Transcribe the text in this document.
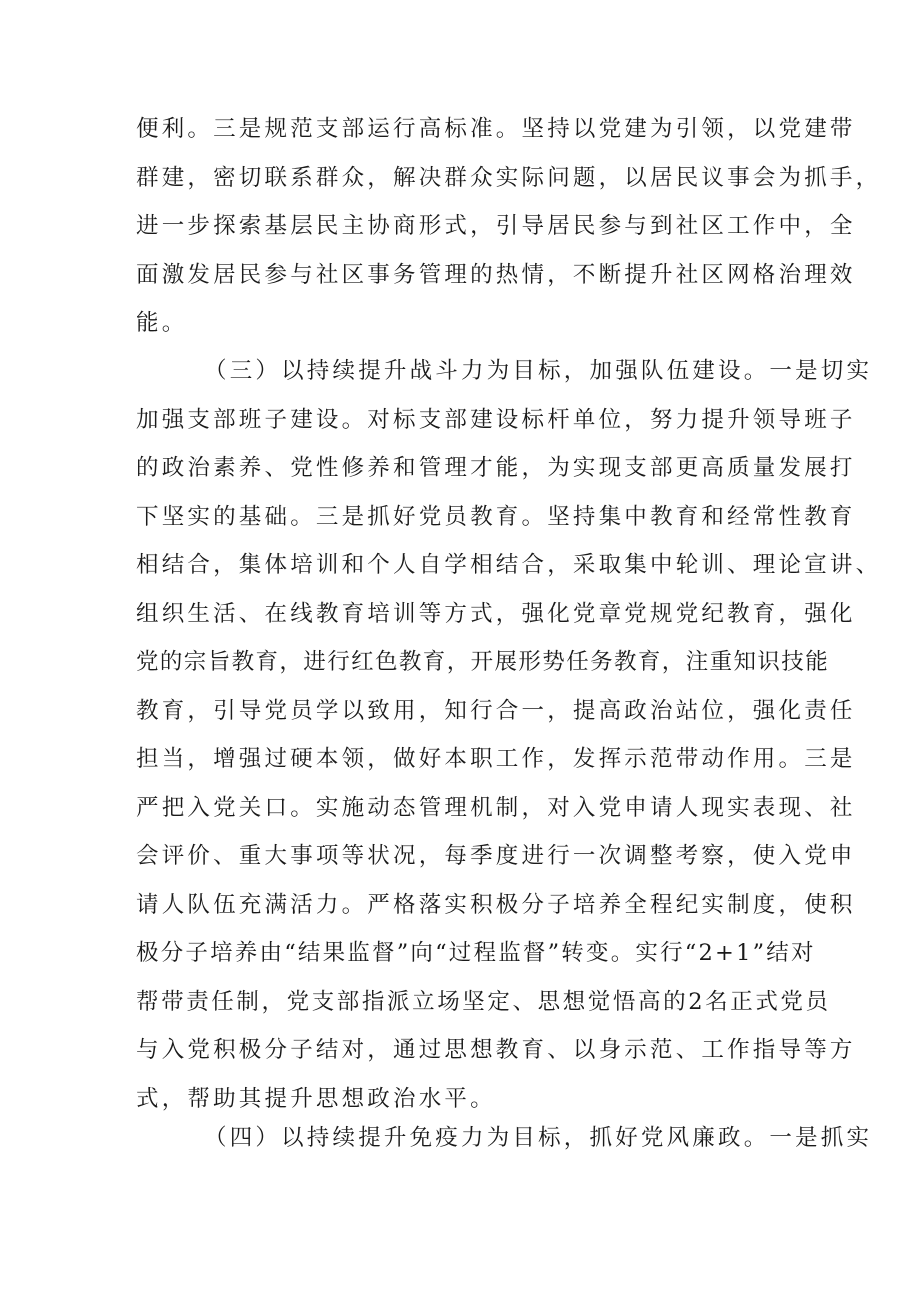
便利。三是规范支部运行高标准。坚持以党建为引领，以党建带
群建，密切联系群众，解决群众实际问题，以居民议事会为抓手，
进一步探索基层民主协商形式，引导居民参与到社区工作中，全
面激发居民参与社区事务管理的热情，不断提升社区网格治理效
能。
（三）以持续提升战斗力为目标，加强队伍建设。一是切实
加强支部班子建设。对标支部建设标杆单位，努力提升领导班子
的政治素养、党性修养和管理才能，为实现支部更高质量发展打
下坚实的基础。三是抓好党员教育。坚持集中教育和经常性教育
相结合，集体培训和个人自学相结合，采取集中轮训、理论宣讲、
组织生活、在线教育培训等方式，强化党章党规党纪教育，强化
党的宗旨教育，进行红色教育，开展形势任务教育，注重知识技能
教育，引导党员学以致用，知行合一，提高政治站位，强化责任
担当，增强过硬本领，做好本职工作，发挥示范带动作用。三是
严把入党关口。实施动态管理机制，对入党申请人现实表现、社
会评价、重大事项等状况，每季度进行一次调整考察，使入党申
请人队伍充满活力。严格落实积极分子培养全程纪实制度，使积
极分子培养由“结果监督”向“过程监督”转变。实行“2+1”结对
帮带责任制，党支部指派立场坚定、思想觉悟高的2名正式党员
与入党积极分子结对，通过思想教育、以身示范、工作指导等方
式，帮助其提升思想政治水平。
（四）以持续提升免疫力为目标，抓好党风廉政。一是抓实
